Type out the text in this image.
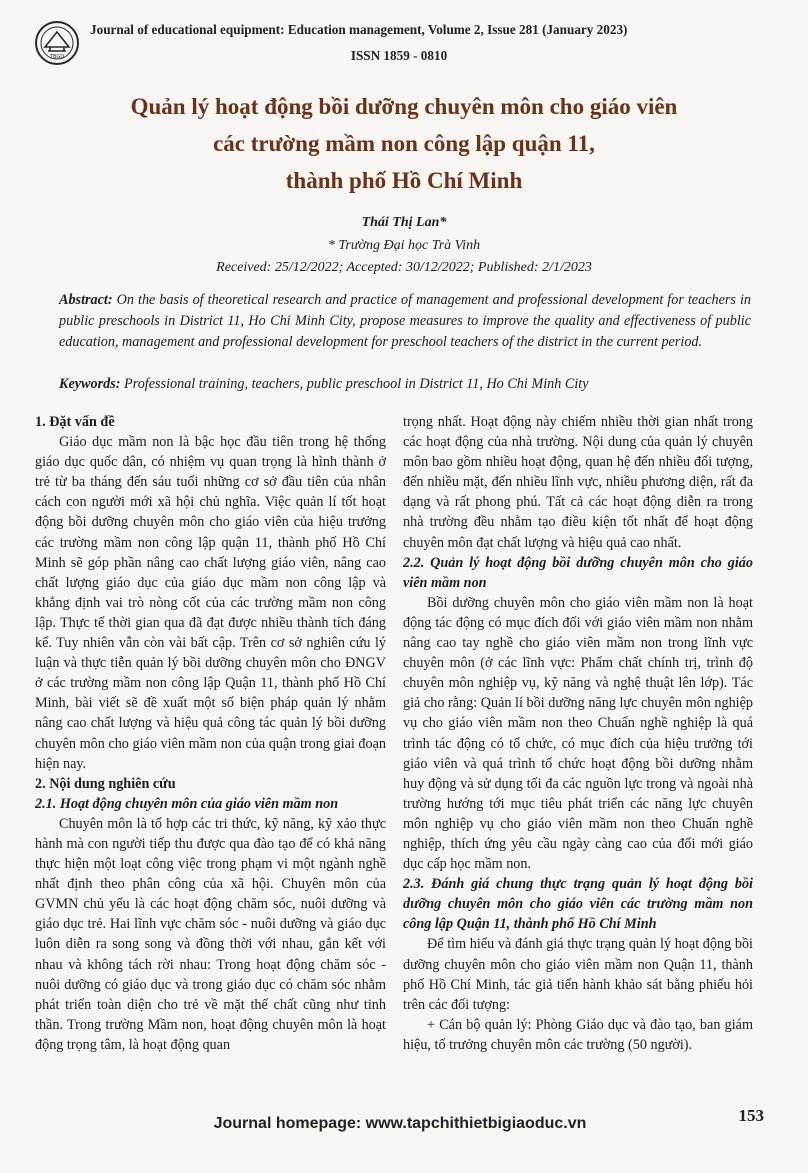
TBGD
Journal of educational equipment: Education management, Volume 2, Issue 281 (January 2023)
ISSN 1859 - 0810
Quản lý hoạt động bồi dưỡng chuyên môn cho giáo viên
các trường mầm non công lập quận 11,
thành phố Hồ Chí Minh
Thái Thị Lan*
* Trường Đại học Trà Vinh
Received: 25/12/2022; Accepted: 30/12/2022; Published: 2/1/2023
Abstract: On the basis of theoretical research and practice of management and professional development for teachers in public preschools in District 11, Ho Chi Minh City, propose measures to improve the quality and effectiveness of public education, management and professional development for preschool teachers of the district in the current period.
Keywords: Professional training, teachers, public preschool in District 11, Ho Chi Minh City

1. Đặt vấn đề

Giáo dục mầm non là bậc học đầu tiên trong hệ thống giáo dục quốc dân, có nhiệm vụ quan trọng là hình thành ở trẻ từ ba tháng đến sáu tuổi những cơ sở đầu tiên của nhân cách con người mới xã hội chủ nghĩa. Việc quản lí tốt hoạt động bồi dưỡng chuyên môn cho giáo viên của hiệu trưởng các trường mầm non công lập quận 11, thành phố Hồ Chí Minh sẽ góp phần nâng cao chất lượng giáo viên, nâng cao chất lượng giáo dục của giáo dục mầm non công lập và khẳng định vai trò nòng cốt của các trường mầm non công lập. Thực tế thời gian qua đã đạt được nhiều thành tích đáng kể. Tuy nhiên vẫn còn vài bất cập. Trên cơ sở nghiên cứu lý luận và thực tiễn quản lý bồi dưỡng chuyên môn cho ĐNGV ở các trường mầm non công lập Quận 11, thành phố Hồ Chí Minh, bài viết sẽ đề xuất một số biện pháp quản lý nhằm nâng cao chất lượng và hiệu quả công tác quản lý bồi dưỡng chuyên môn cho giáo viên mầm non của quận trong giai đoạn hiện nay.

2. Nội dung nghiên cứu

2.1. Hoạt động chuyên môn của giáo viên mầm non

Chuyên môn là tổ hợp các tri thức, kỹ năng, kỹ xảo thực hành mà con người tiếp thu được qua đào tạo để có khả năng thực hiện một loạt công việc trong phạm vi một ngành nghề nhất định theo phân công của xã hội. Chuyên môn của GVMN chủ yếu là các hoạt động chăm sóc, nuôi dưỡng và giáo dục trẻ. Hai lĩnh vực chăm sóc - nuôi dưỡng và giáo dục luôn diễn ra song song và đồng thời với nhau, gắn kết với nhau và không tách rời nhau: Trong hoạt động chăm sóc - nuôi dưỡng có giáo dục và trong giáo dục có chăm sóc nhằm phát triển toàn diện cho trẻ về mặt thể chất cũng như tinh thần. Trong trường Mầm non, hoạt động chuyên môn là hoạt động trọng tâm, là hoạt động quan

trọng nhất. Hoạt động này chiếm nhiều thời gian nhất trong các hoạt động của nhà trường. Nội dung của quản lý chuyên môn bao gồm nhiều hoạt động, quan hệ đến nhiều đối tượng, đến nhiều mặt, đến nhiều lĩnh vực, nhiều phương diện, rất đa dạng và rất phong phú. Tất cả các hoạt động diễn ra trong nhà trường đều nhằm tạo điều kiện tốt nhất để hoạt động chuyên môn đạt chất lượng và hiệu quả cao nhất.

2.2. Quản lý hoạt động bồi dưỡng chuyên môn cho giáo viên mầm non

Bồi dưỡng chuyên môn cho giáo viên mầm non là hoạt động tác động có mục đích đối với giáo viên mầm non nhằm nâng cao tay nghề cho giáo viên mầm non trong lĩnh vực chuyên môn (ở các lĩnh vực: Phẩm chất chính trị, trình độ chuyên môn nghiệp vụ, kỹ năng và nghệ thuật lên lớp). Tác giả cho rằng: Quản lí bồi dưỡng năng lực chuyên môn nghiệp vụ cho giáo viên mầm non theo Chuẩn nghề nghiệp là quá trình tác động có tổ chức, có mục đích của hiệu trưởng tới giáo viên và quá trình tổ chức hoạt động bồi dưỡng nhằm huy động và sử dụng tối đa các nguồn lực trong và ngoài nhà trường hướng tới mục tiêu phát triển các năng lực chuyên môn nghiệp vụ cho giáo viên mầm non theo Chuẩn nghề nghiệp, thích ứng yêu cầu ngày càng cao của đổi mới giáo dục cấp học mầm non.

2.3. Đánh giá chung thực trạng quản lý hoạt động bồi dưỡng chuyên môn cho giáo viên các trường mầm non công lập Quận 11, thành phố Hồ Chí Minh

Để tìm hiểu và đánh giá thực trạng quản lý hoạt động bồi dưỡng chuyên môn cho giáo viên mầm non Quận 11, thành phố Hồ Chí Minh, tác giả tiến hành khảo sát bằng phiếu hỏi trên các đối tượng:

+ Cán bộ quản lý: Phòng Giáo dục và đào tạo, ban giám hiệu, tổ trưởng chuyên môn các trường (50 người).

Journal homepage: www.tapchithietbigiaoduc.vn	153
